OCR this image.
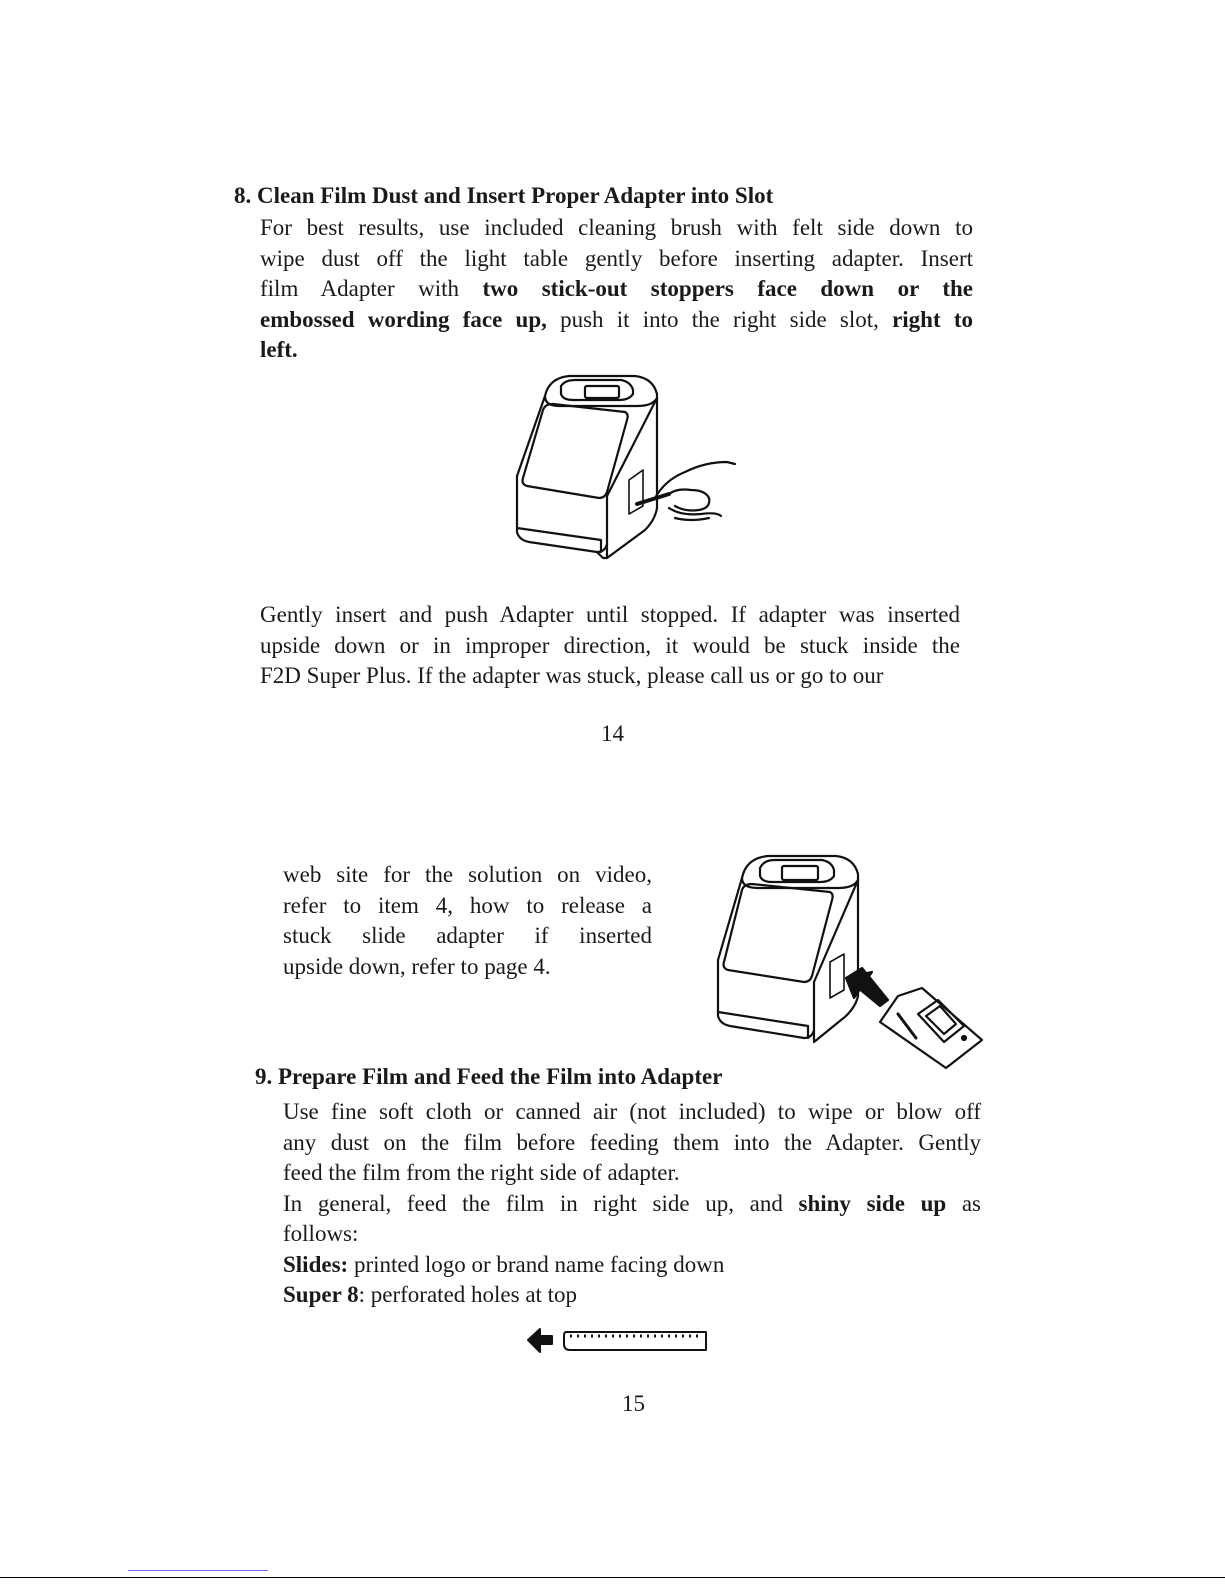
8. Clean Film Dust and Insert Proper Adapter into Slot
For best results, use included cleaning brush with felt side down to
wipe dust off the light table gently before inserting adapter. Insert
film Adapter with two stick-out stoppers face down or the
embossed wording face up, push it into the right side slot, right to
left.
Gently insert and push Adapter until stopped. If adapter was inserted
upside down or in improper direction, it would be stuck inside the
F2D Super Plus. If the adapter was stuck, please call us or go to our
14
web site for the solution on video,
refer to item 4, how to release a
stuck slide adapter if inserted
upside down, refer to page 4.
9. Prepare Film and Feed the Film into Adapter
Use fine soft cloth or canned air (not included) to wipe or blow off
any dust on the film before feeding them into the Adapter. Gently
feed the film from the right side of adapter.
In general, feed the film in right side up, and shiny side up as
follows:
Slides: printed logo or brand name facing down
Super 8: perforated holes at top
15
